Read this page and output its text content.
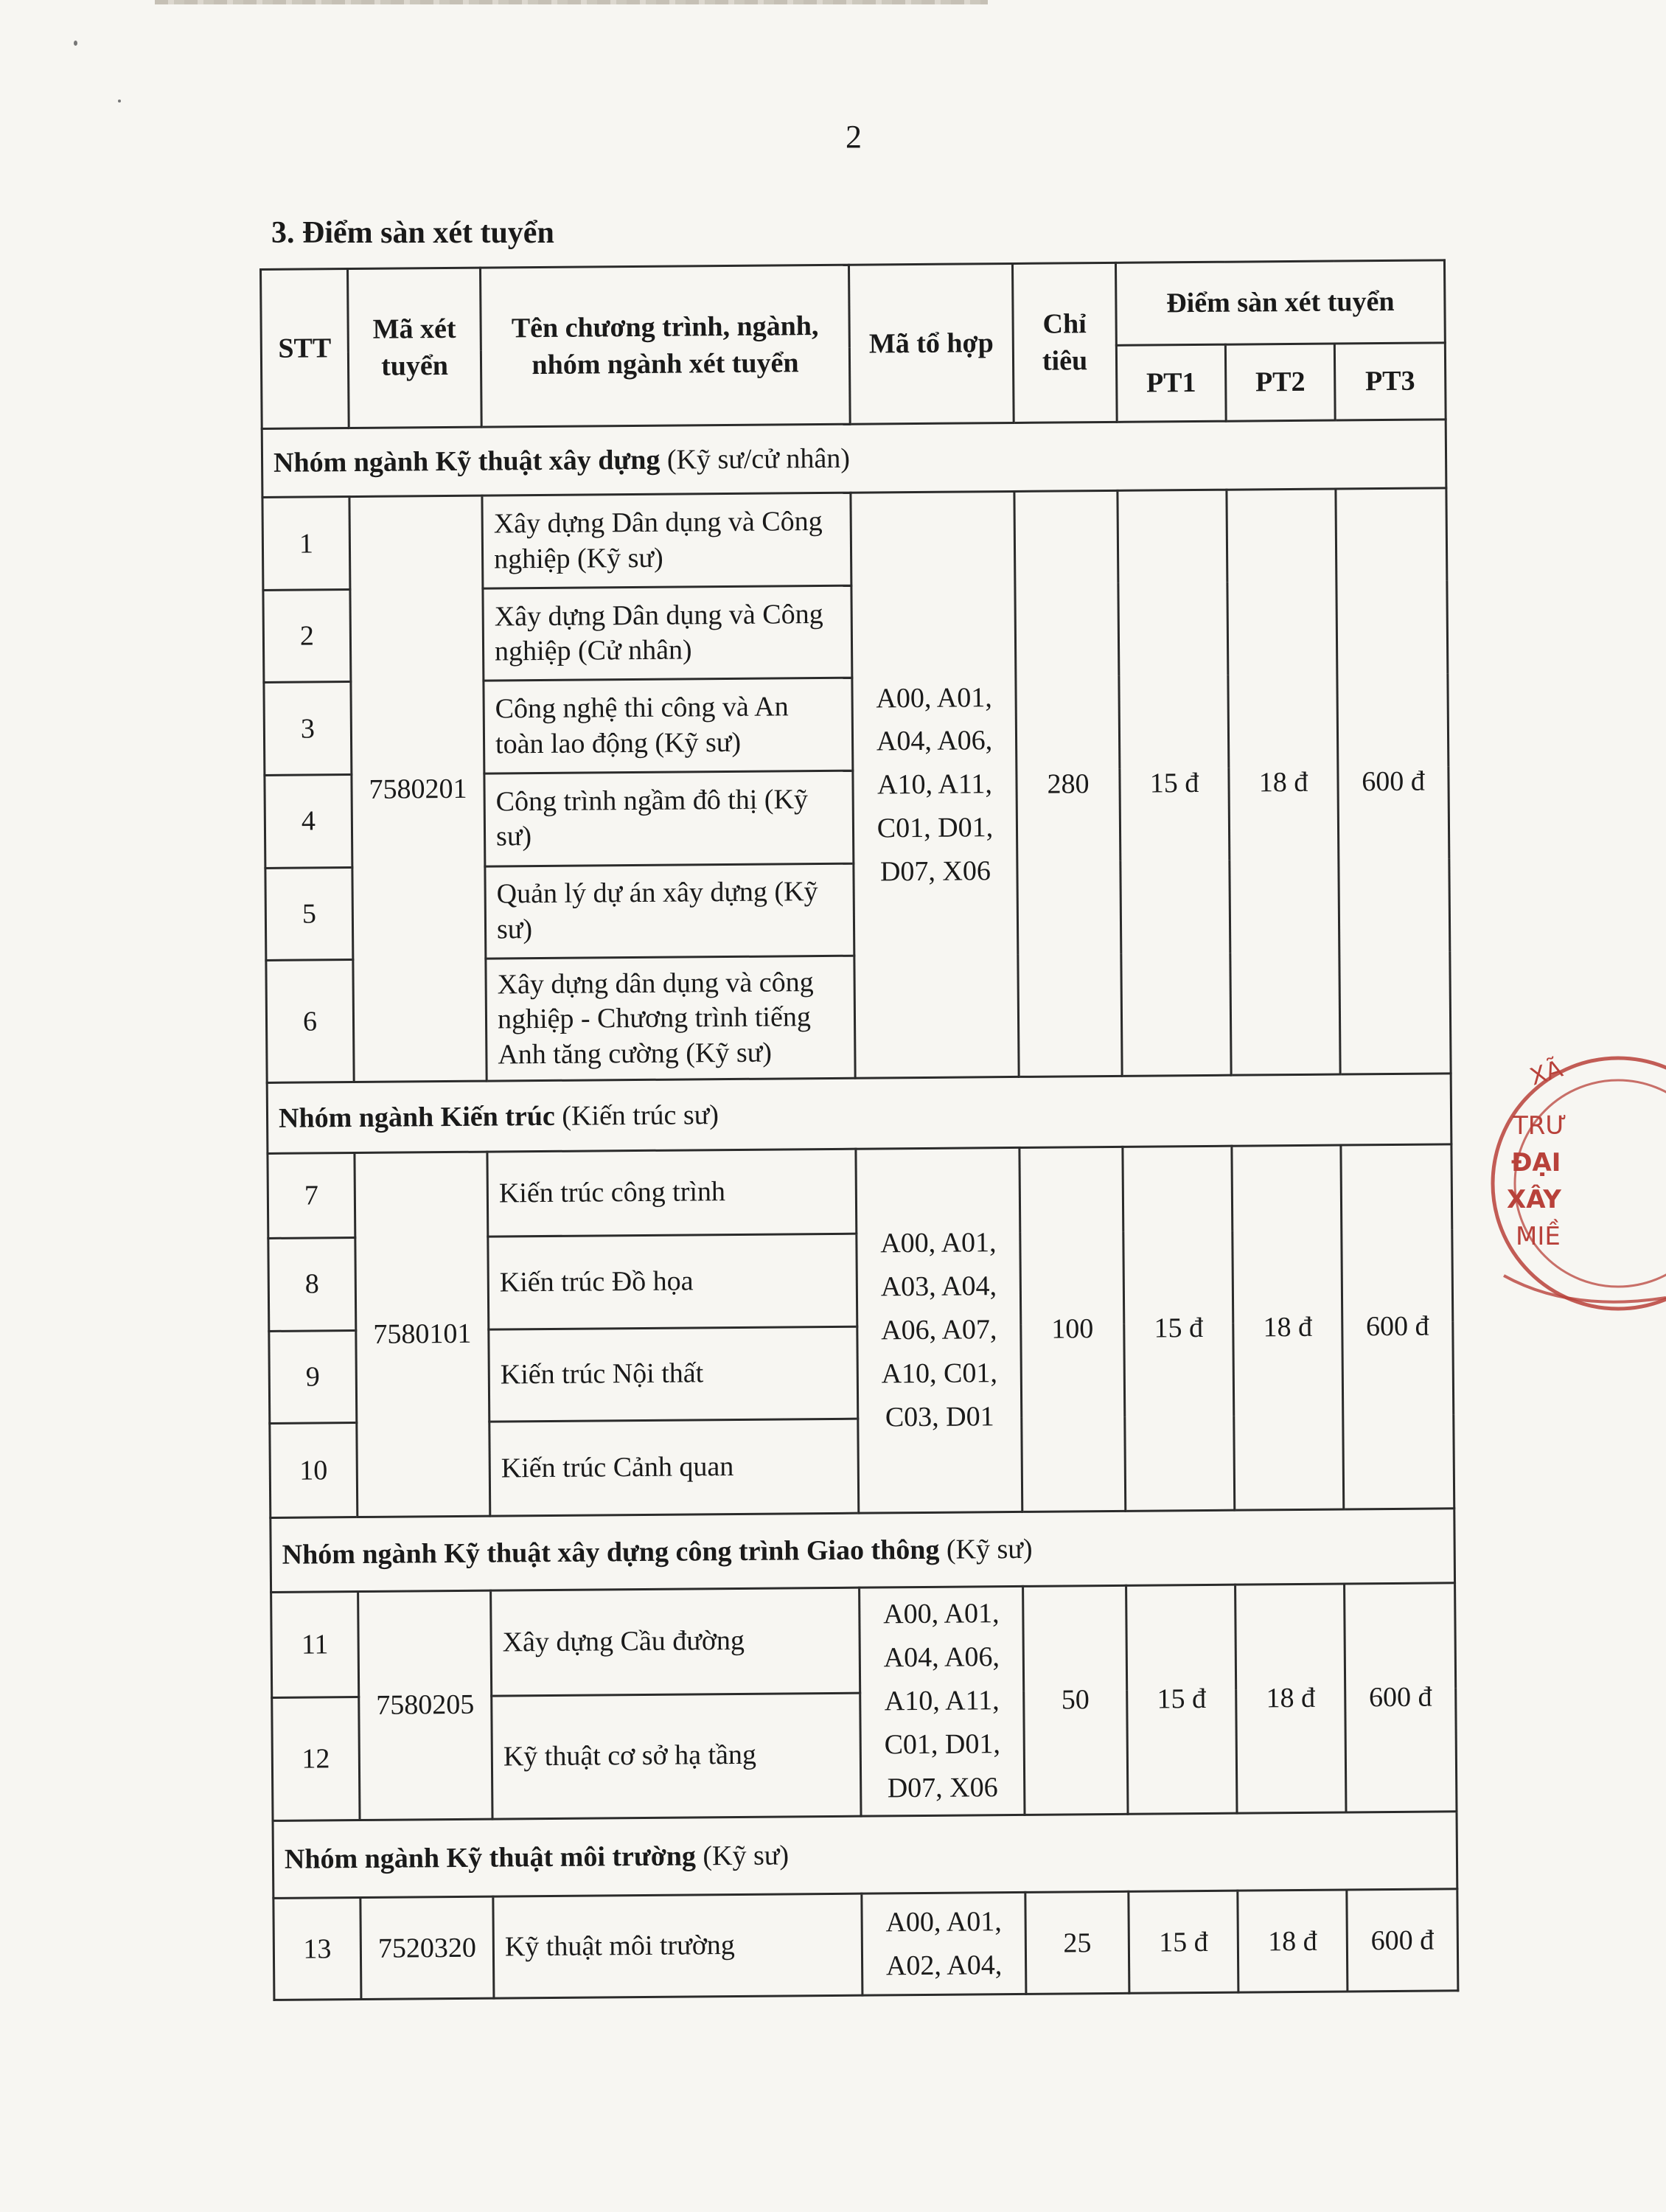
2
3. Điểm sàn xét tuyển
STT	Mã xét tuyển	Tên chương trình, ngành, nhóm ngành xét tuyển	Mã tổ hợp	Chỉ tiêu	Điểm sàn xét tuyển		
					PT1	PT2	PT3
Nhóm ngành Kỹ thuật xây dựng (Kỹ sư/cử nhân)							
1	7580201	Xây dựng Dân dụng và Công nghiệp (Kỹ sư)	A00, A01, A04, A06, A10, A11, C01, D01, D07, X06	280	15 đ	18 đ	600 đ
2		Xây dựng Dân dụng và Công nghiệp (Cử nhân)					
3		Công nghệ thi công và An toàn lao động (Kỹ sư)					
4		Công trình ngầm đô thị (Kỹ sư)					
5		Quản lý dự án xây dựng (Kỹ sư)					
6		Xây dựng dân dụng và công nghiệp - Chương trình tiếng Anh tăng cường (Kỹ sư)					
Nhóm ngành Kiến trúc (Kiến trúc sư)							
7	7580101	Kiến trúc công trình	A00, A01, A03, A04, A06, A07, A10, C01, C03, D01	100	15 đ	18 đ	600 đ
8		Kiến trúc Đồ họa					
9		Kiến trúc Nội thất					
10		Kiến trúc Cảnh quan					
Nhóm ngành Kỹ thuật xây dựng công trình Giao thông (Kỹ sư)							
11	7580205	Xây dựng Cầu đường	A00, A01, A04, A06, A10, A11, C01, D01, D07, X06	50	15 đ	18 đ	600 đ
12		Kỹ thuật cơ sở hạ tầng					
Nhóm ngành Kỹ thuật môi trường (Kỹ sư)							
13	7520320	Kỹ thuật môi trường	A00, A01, A02, A04,	25	15 đ	18 đ	600 đ
XÃ
TRƯ
ĐẠI
XÂY
MIỀ
